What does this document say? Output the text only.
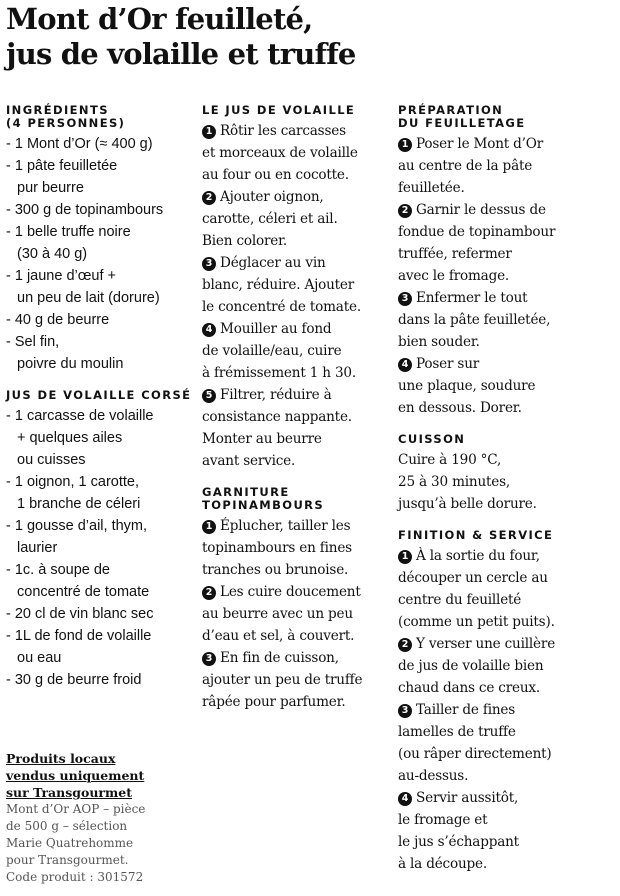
Mont d’Or feuilleté,
jus de volaille et truffe
INGRÉDIENTS
(4 PERSONNES)
- 1 Mont d’Or (≈ 400 g)
- 1 pâte feuilletée
pur beurre
- 300 g de topinambours
- 1 belle truffe noire
(30 à 40 g)
- 1 jaune d’œuf +
un peu de lait (dorure)
- 40 g de beurre
- Sel fin,
poivre du moulin
JUS DE VOLAILLE CORSÉ
- 1 carcasse de volaille
+ quelques ailes
ou cuisses
- 1 oignon, 1 carotte,
1 branche de céleri
- 1 gousse d’ail, thym,
laurier
- 1c. à soupe de
concentré de tomate
- 20 cl de vin blanc sec
- 1L de fond de volaille
ou eau
- 30 g de beurre froid
Produits locaux
vendus uniquement
sur Transgourmet
Mont d’Or AOP – pièce
de 500 g – sélection
Marie Quatrehomme
pour Transgourmet.
Code produit : 301572
LE JUS DE VOLAILLE
1 Rôtir les carcasses
et morceaux de volaille
au four ou en cocotte.
2 Ajouter oignon,
carotte, céleri et ail.
Bien colorer.
3 Déglacer au vin
blanc, réduire. Ajouter
le concentré de tomate.
4 Mouiller au fond
de volaille/eau, cuire
à frémissement 1 h 30.
5 Filtrer, réduire à
consistance nappante.
Monter au beurre
avant service.
GARNITURE
TOPINAMBOURS
1 Éplucher, tailler les
topinambours en fines
tranches ou brunoise.
2 Les cuire doucement
au beurre avec un peu
d’eau et sel, à couvert.
3 En fin de cuisson,
ajouter un peu de truffe
râpée pour parfumer.
PRÉPARATION
DU FEUILLETAGE
1 Poser le Mont d’Or
au centre de la pâte
feuilletée.
2 Garnir le dessus de
fondue de topinambour
truffée, refermer
avec le fromage.
3 Enfermer le tout
dans la pâte feuilletée,
bien souder.
4 Poser sur
une plaque, soudure
en dessous. Dorer.
CUISSON
Cuire à 190 °C,
25 à 30 minutes,
jusqu’à belle dorure.
FINITION & SERVICE
1 À la sortie du four,
découper un cercle au
centre du feuilleté
(comme un petit puits).
2 Y verser une cuillère
de jus de volaille bien
chaud dans ce creux.
3 Tailler de fines
lamelles de truffe
(ou râper directement)
au-dessus.
4 Servir aussitôt,
le fromage et
le jus s’échappant
à la découpe.
